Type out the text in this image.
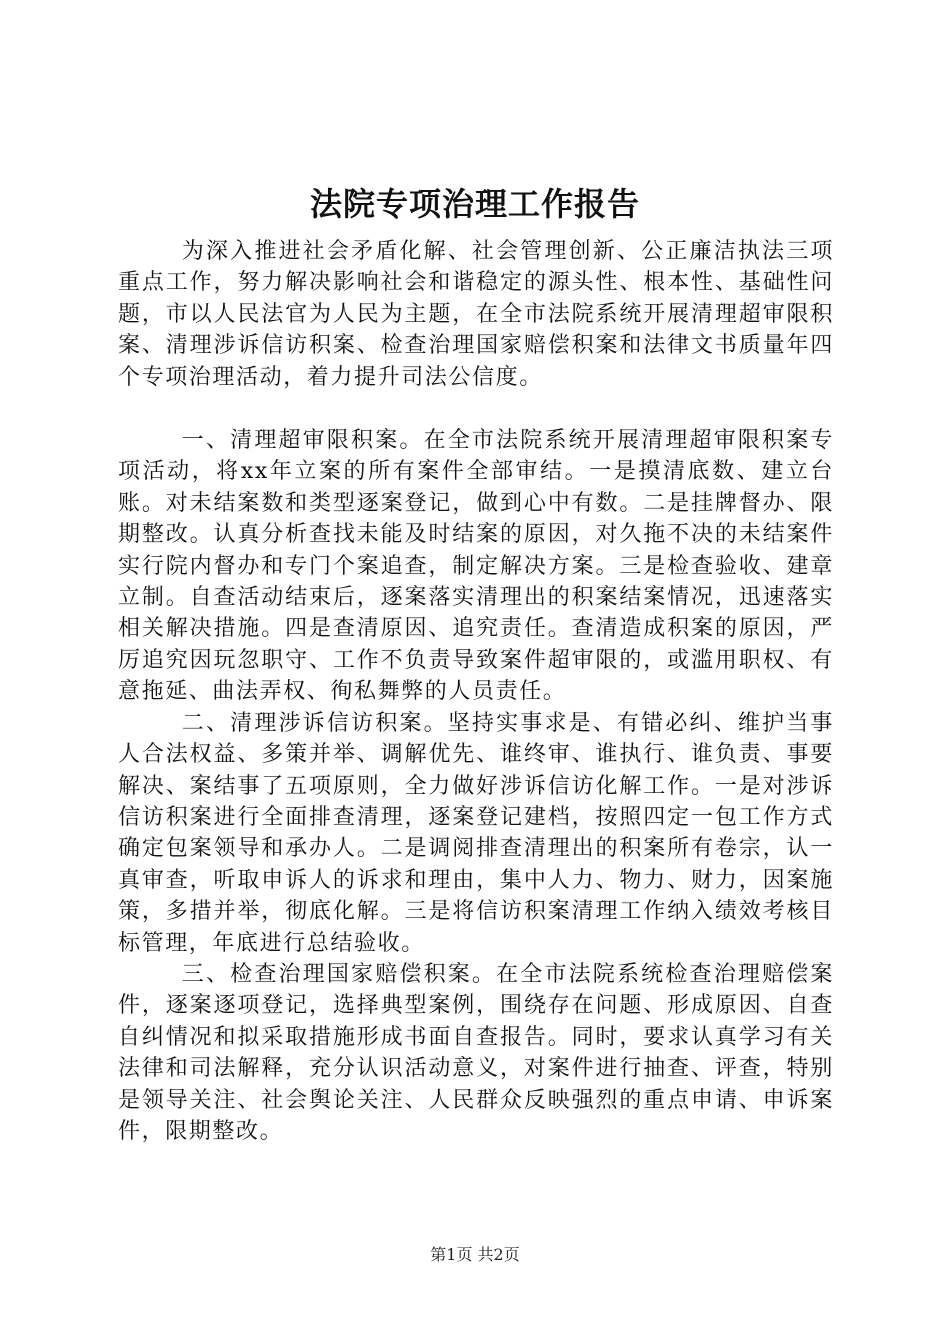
法院专项治理工作报告

为深入推进社会矛盾化解、社会管理创新、公正廉洁执法三项重点工作，努力解决影响社会和谐稳定的源头性、根本性、基础性问题，市以人民法官为人民为主题，在全市法院系统开展清理超审限积案、清理涉诉信访积案、检查治理国家赔偿积案和法律文书质量年四个专项治理活动，着力提升司法公信度。

一、清理超审限积案。在全市法院系统开展清理超审限积案专项活动，将xx年立案的所有案件全部审结。一是摸清底数、建立台账。对未结案数和类型逐案登记，做到心中有数。二是挂牌督办、限期整改。认真分析查找未能及时结案的原因，对久拖不决的未结案件实行院内督办和专门个案追查，制定解决方案。三是检查验收、建章立制。自查活动结束后，逐案落实清理出的积案结案情况，迅速落实相关解决措施。四是查清原因、追究责任。查清造成积案的原因，严厉追究因玩忽职守、工作不负责导致案件超审限的，或滥用职权、有意拖延、曲法弄权、徇私舞弊的人员责任。

二、清理涉诉信访积案。坚持实事求是、有错必纠、维护当事人合法权益、多策并举、调解优先、谁终审、谁执行、谁负责、事要解决、案结事了五项原则，全力做好涉诉信访化解工作。一是对涉诉信访积案进行全面排查清理，逐案登记建档，按照四定一包工作方式确定包案领导和承办人。二是调阅排查清理出的积案所有卷宗，认一真审查，听取申诉人的诉求和理由，集中人力、物力、财力，因案施策，多措并举，彻底化解。三是将信访积案清理工作纳入绩效考核目标管理，年底进行总结验收。

三、检查治理国家赔偿积案。在全市法院系统检查治理赔偿案件，逐案逐项登记，选择典型案例，围绕存在问题、形成原因、自查自纠情况和拟采取措施形成书面自查报告。同时，要求认真学习有关法律和司法解释，充分认识活动意义，对案件进行抽查、评查，特别是领导关注、社会舆论关注、人民群众反映强烈的重点申请、申诉案件，限期整改。

第1页 共2页
